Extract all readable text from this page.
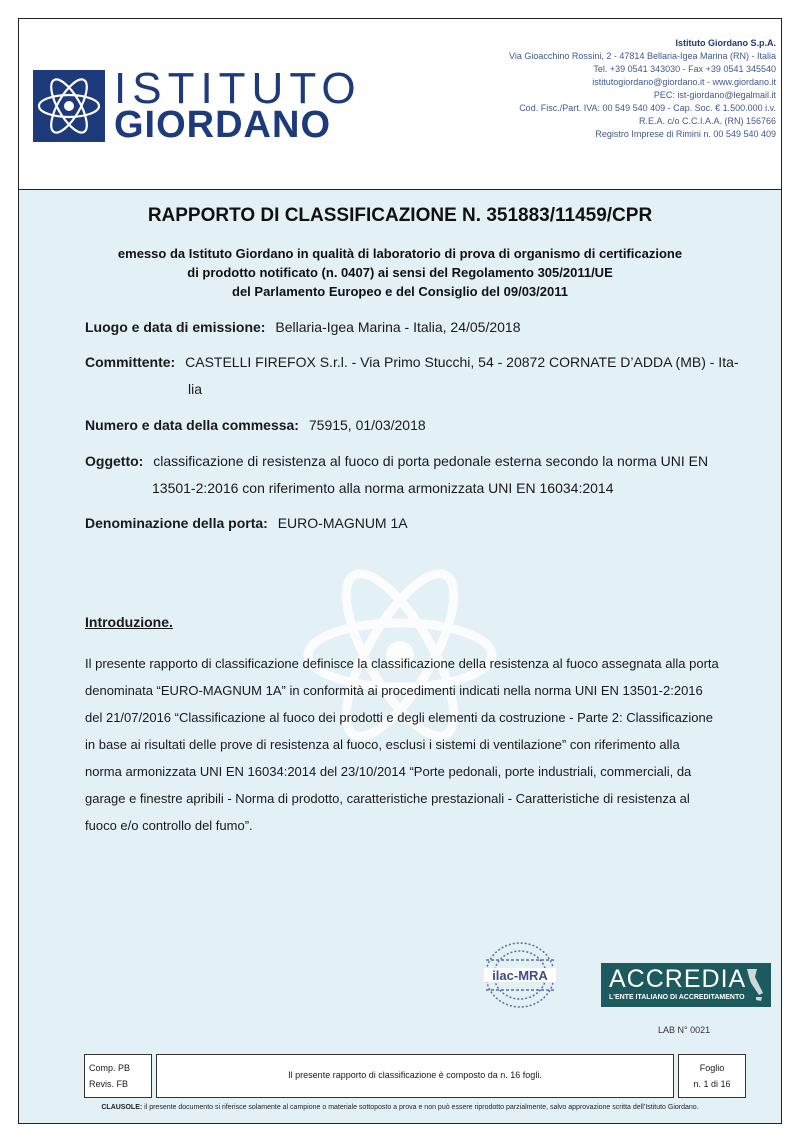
ISTITUTO
GIORDANO
Istituto Giordano S.p.A.
Via Gioacchino Rossini, 2 - 47814 Bellaria-Igea Marina (RN) - Italia
Tel. +39 0541 343030 - Fax +39 0541 345540
istitutogiordano@giordano.it - www.giordano.it
PEC: ist-giordano@legalmail.it
Cod. Fisc./Part. IVA: 00 549 540 409 - Cap. Soc. € 1.500.000 i.v.
R.E.A. c/o C.C.I.A.A. (RN) 156766
Registro Imprese di Rimini n. 00 549 540 409
RAPPORTO DI CLASSIFICAZIONE N. 351883/11459/CPR
emesso da Istituto Giordano in qualità di laboratorio di prova di organismo di certificazione
di prodotto notificato (n. 0407) ai sensi del Regolamento 305/2011/UE
del Parlamento Europeo e del Consiglio del 09/03/2011
Luogo e data di emissione: Bellaria-Igea Marina - Italia, 24/05/2018
Committente: CASTELLI FIREFOX S.r.l. - Via Primo Stucchi, 54 - 20872 CORNATE D’ADDA (MB) - Ita-
lia
Numero e data della commessa: 75915, 01/03/2018
Oggetto: classificazione di resistenza al fuoco di porta pedonale esterna secondo la norma UNI EN
13501-2:2016 con riferimento alla norma armonizzata UNI EN 16034:2014
Denominazione della porta: EURO-MAGNUM 1A
Introduzione.
Il presente rapporto di classificazione definisce la classificazione della resistenza al fuoco assegnata alla porta
denominata “EURO-MAGNUM 1A” in conformità ai procedimenti indicati nella norma UNI EN 13501-2:2016
del 21/07/2016 “Classificazione al fuoco dei prodotti e degli elementi da costruzione - Parte 2: Classificazione
in base ai risultati delle prove di resistenza al fuoco, esclusi i sistemi di ventilazione” con riferimento alla
norma armonizzata UNI EN 16034:2014 del 23/10/2014 “Porte pedonali, porte industriali, commerciali, da
garage e finestre apribili - Norma di prodotto, caratteristiche prestazionali - Caratteristiche di resistenza al
fuoco e/o controllo del fumo”.
ilac-MRA ACCREDIA
L'ENTE ITALIANO DI ACCREDITAMENTO
LAB N° 0021
Comp. PB
Revis. FB
Il presente rapporto di classificazione è composto da n. 16 fogli.
Foglio
n. 1 di 16
CLAUSOLE: il presente documento si riferisce solamente al campione o materiale sottoposto a prova e non può essere riprodotto parzialmente, salvo approvazione scritta dell’Istituto Giordano.
